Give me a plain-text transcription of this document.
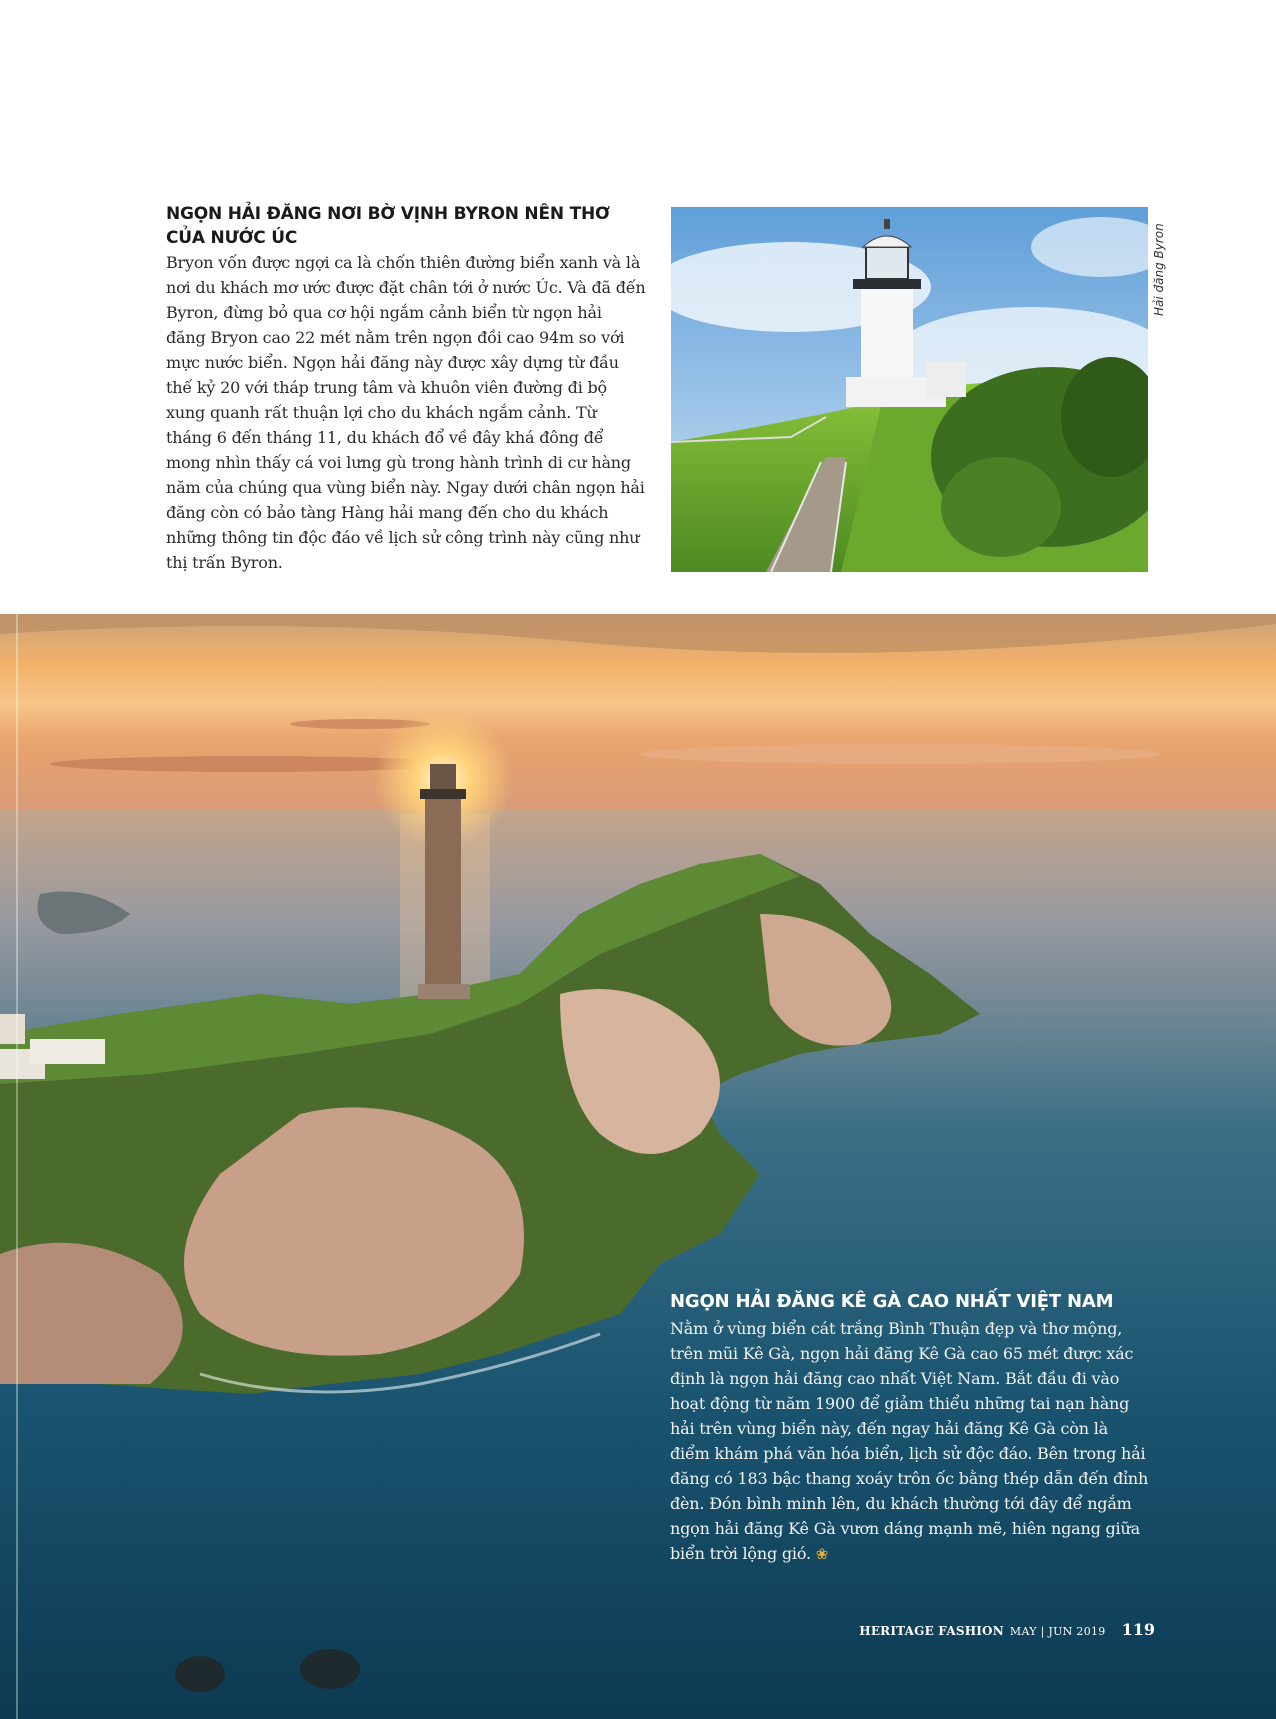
NGỌN HẢI ĐĂNG NƠI BỜ VỊNH BYRON NÊN THƠ CỦA NƯỚC ÚC

Bryon vốn được ngợi ca là chốn thiên đường biển xanh và là nơi du khách mơ ước được đặt chân tới ở nước Úc. Và đã đến Byron, đừng bỏ qua cơ hội ngắm cảnh biển từ ngọn hải đăng Bryon cao 22 mét nằm trên ngọn đồi cao 94m so với mực nước biển. Ngọn hải đăng này được xây dựng từ đầu thế kỷ 20 với tháp trung tâm và khuôn viên đường đi bộ xung quanh rất thuận lợi cho du khách ngắm cảnh. Từ tháng 6 đến tháng 11, du khách đổ về đây khá đông để mong nhìn thấy cá voi lưng gù trong hành trình di cư hàng năm của chúng qua vùng biển này. Ngay dưới chân ngọn hải đăng còn có bảo tàng Hàng hải mang đến cho du khách những thông tin độc đáo về lịch sử công trình này cũng như thị trấn Byron.

Hải đăng Byron
NGỌN HẢI ĐĂNG KÊ GÀ CAO NHẤT VIỆT NAM

Nằm ở vùng biển cát trắng Bình Thuận đẹp và thơ mộng, trên mũi Kê Gà, ngọn hải đăng Kê Gà cao 65 mét được xác định là ngọn hải đăng cao nhất Việt Nam. Bắt đầu đi vào hoạt động từ năm 1900 để giảm thiểu những tai nạn hàng hải trên vùng biển này, đến ngay hải đăng Kê Gà còn là điểm khám phá văn hóa biển, lịch sử độc đáo. Bên trong hải đăng có 183 bậc thang xoáy trôn ốc bằng thép dẫn đến đỉnh đèn. Đón bình minh lên, du khách thường tới đây để ngắm ngọn hải đăng Kê Gà vươn dáng mạnh mẽ, hiên ngang giữa biển trời lộng gió. ❀

HERITAGE FASHION MAY | JUN 2019 119
